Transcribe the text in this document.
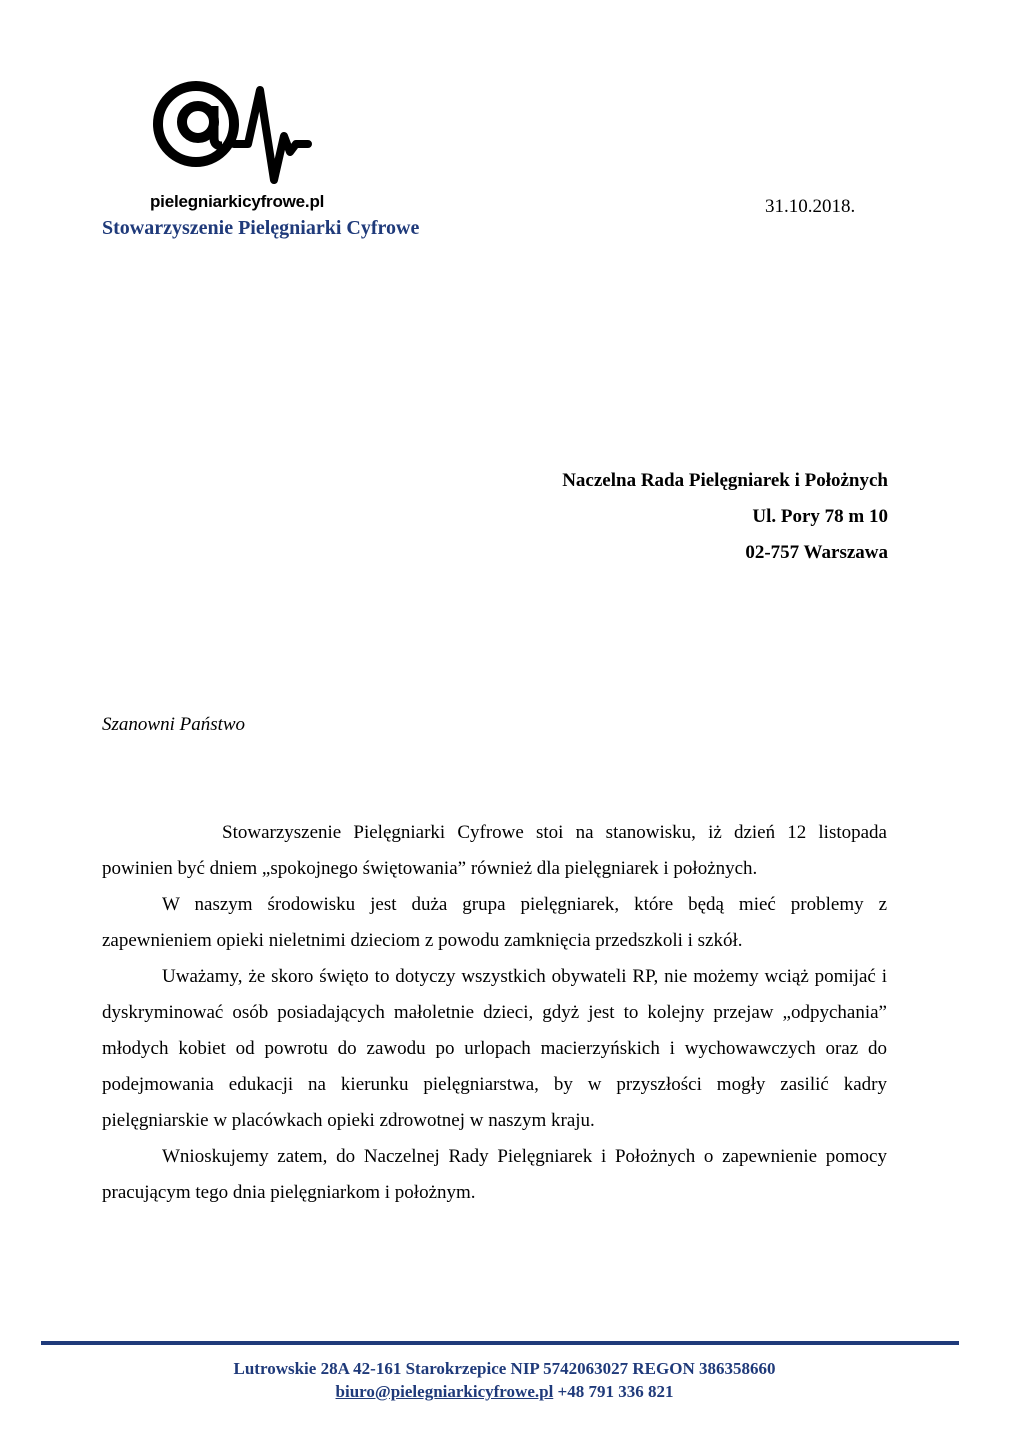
pielegniarkicyfrowe.pl
Stowarzyszenie Pielęgniarki Cyfrowe
31.10.2018.
Naczelna Rada Pielęgniarek i Położnych
Ul. Pory 78 m 10
02-757 Warszawa
Szanowni Państwo

Stowarzyszenie Pielęgniarki Cyfrowe stoi na stanowisku, iż dzień 12 listopada powinien być dniem „spokojnego świętowania” również dla pielęgniarek i położnych.

W naszym środowisku jest duża grupa pielęgniarek, które będą mieć problemy z zapewnieniem opieki nieletnimi dzieciom z powodu zamknięcia przedszkoli i szkół.

Uważamy, że skoro święto to dotyczy wszystkich obywateli RP, nie możemy wciąż pomijać i dyskryminować osób posiadających małoletnie dzieci, gdyż jest to kolejny przejaw „odpychania” młodych kobiet od powrotu do zawodu po urlopach macierzyńskich i wychowawczych oraz do podejmowania edukacji na kierunku pielęgniarstwa, by w przyszłości mogły zasilić kadry pielęgniarskie w placówkach opieki zdrowotnej w naszym kraju.

Wnioskujemy zatem, do Naczelnej Rady Pielęgniarek i Położnych o zapewnienie pomocy pracującym tego dnia pielęgniarkom i położnym.

Lutrowskie 28A 42-161 Starokrzepice NIP 5742063027 REGON 386358660
biuro@pielegniarkicyfrowe.pl +48 791 336 821
